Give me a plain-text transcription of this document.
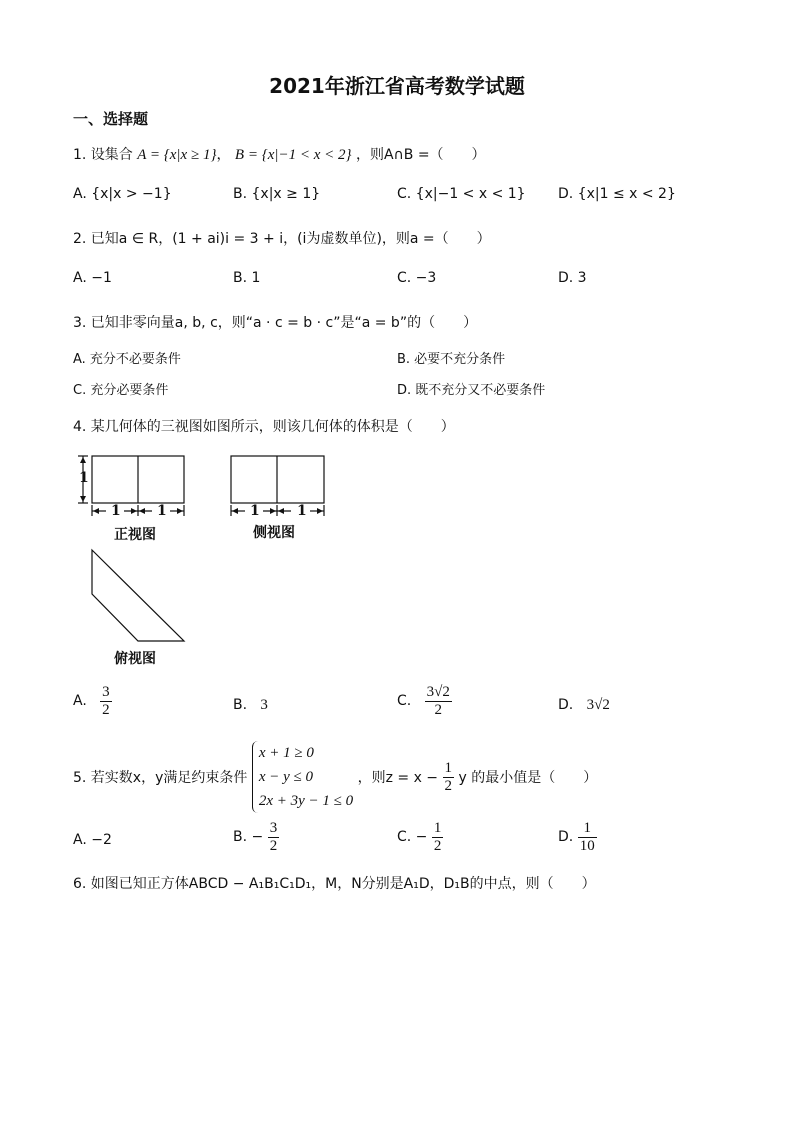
2021年浙江省高考数学试题
一、选择题
1. 设集合 A = {x|x ≥ 1}， B = {x|−1 < x < 2} ，则A∩B =（　　）
A. {x|x > −1}	B. {x|x ≥ 1}	C. {x|−1 < x < 1} D. {x|1 ≤ x < 2}
2. 已知a ∈ R，(1 + ai)i = 3 + i，(i为虚数单位)，则a =（　　）
A. −1	B. 1	C. −3	D. 3
3. 已知非零向量a, b, c，则“a · c = b · c”是“a = b”的（　　）
A. 充分不必要条件	B. 必要不充分条件
C. 充分必要条件	D. 既不充分又不必要条件
4. 某几何体的三视图如图所示，则该几何体的体积是（　　）
1
1	1	1	1
正视图	侧视图
俯视图
A. $\frac{3}{2}$	B. 3	C. $\frac{3√2}{2}$	D. 3√2
5. 若实数x，y满足约束条件
x + 1 ≥ 0
x − y ≤ 0
2x + 3y − 1 ≤ 0
，则$z = x - \frac{1}{2}$ y 的最小值是（　　）
A. −2	B. − $\frac{3}{2}$	C. − $\frac{1}{2}$	D. $\frac{1}{10}$
6. 如图已知正方体ABCD − A₁B₁C₁D₁，M，N分别是A₁D，D₁B的中点，则（　　）
